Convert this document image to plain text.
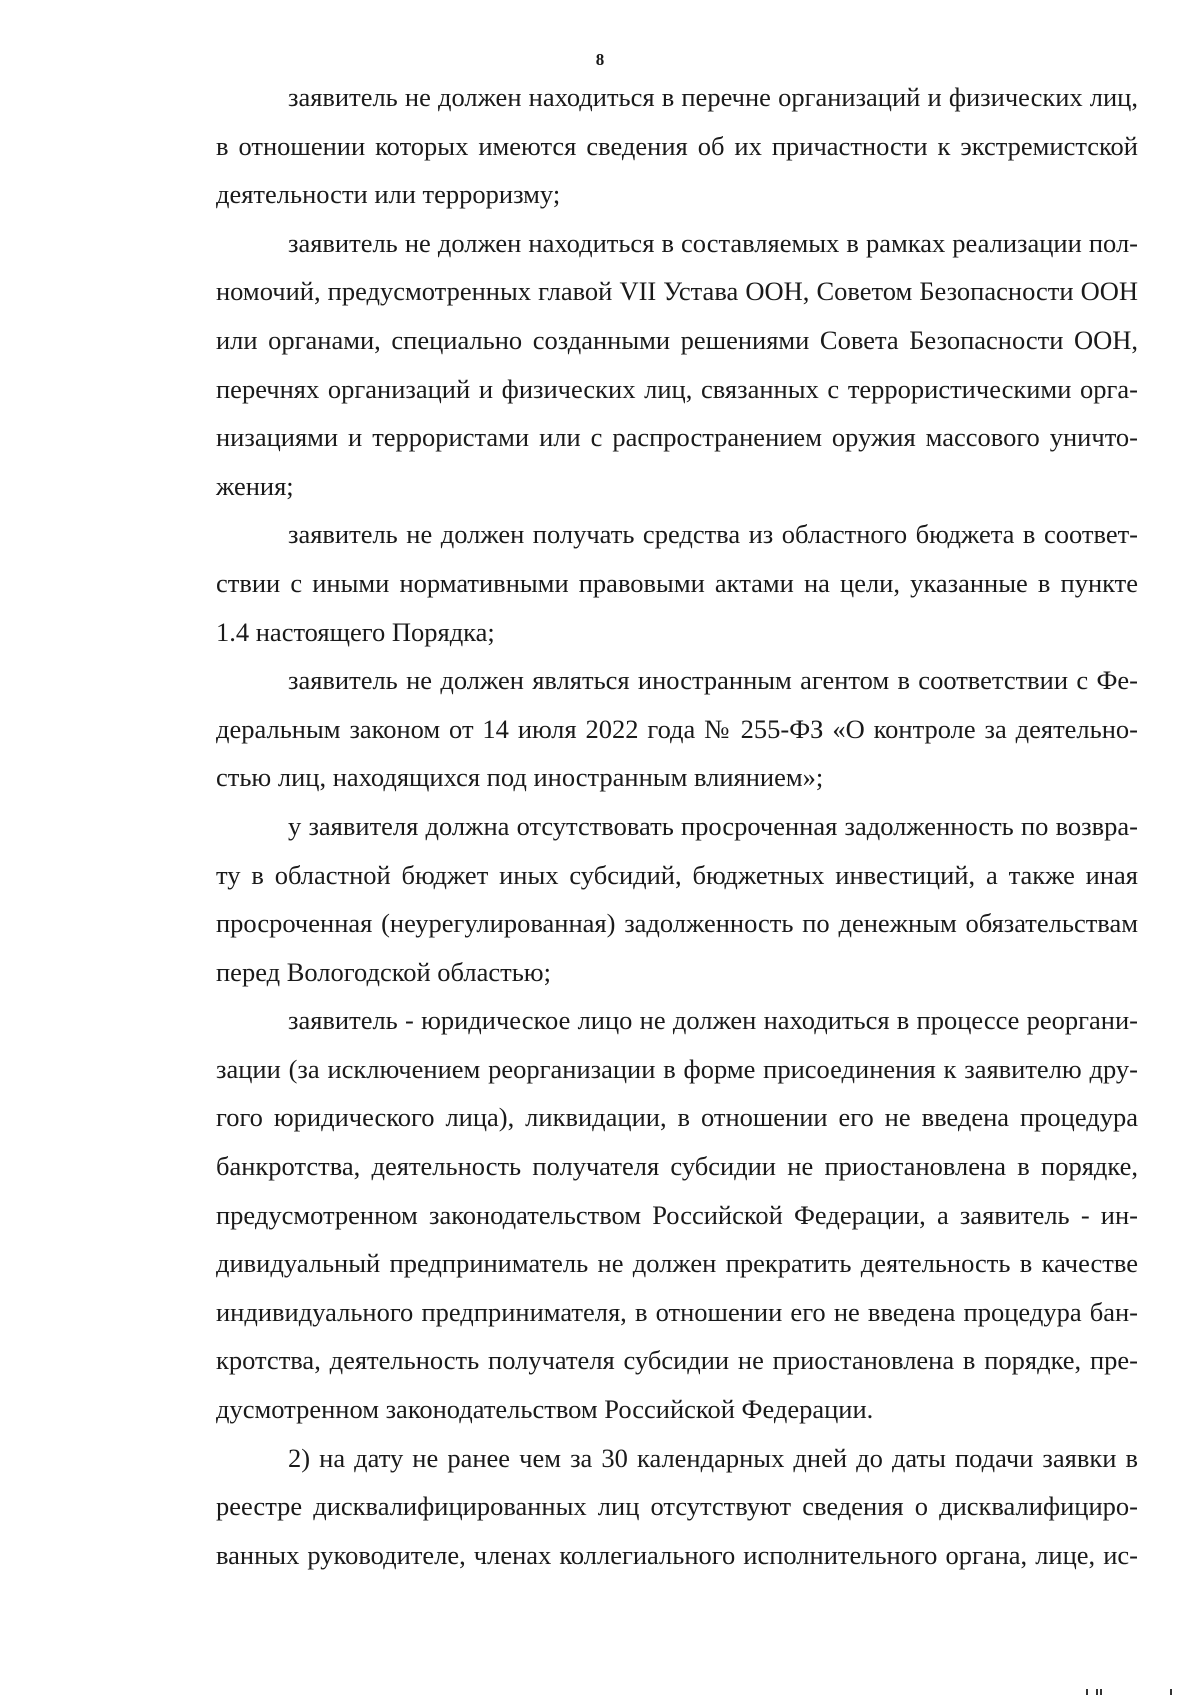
8
заявитель не должен находиться в перечне организаций и физических лиц,
в отношении которых имеются сведения об их причастности к экстремистской
деятельности или терроризму;
заявитель не должен находиться в составляемых в рамках реализации пол-
номочий, предусмотренных главой VII Устава ООН, Советом Безопасности ООН
или органами, специально созданными решениями Совета Безопасности ООН,
перечнях организаций и физических лиц, связанных с террористическими орга-
низациями и террористами или с распространением оружия массового уничто-
жения;
заявитель не должен получать средства из областного бюджета в соответ-
ствии с иными нормативными правовыми актами на цели, указанные в пункте
1.4 настоящего Порядка;
заявитель не должен являться иностранным агентом в соответствии с Фе-
деральным законом от 14 июля 2022 года № 255-ФЗ «О контроле за деятельно-
стью лиц, находящихся под иностранным влиянием»;
у заявителя должна отсутствовать просроченная задолженность по возвра-
ту в областной бюджет иных субсидий, бюджетных инвестиций, а также иная
просроченная (неурегулированная) задолженность по денежным обязательствам
перед Вологодской областью;
заявитель - юридическое лицо не должен находиться в процессе реоргани-
зации (за исключением реорганизации в форме присоединения к заявителю дру-
гого юридического лица), ликвидации, в отношении его не введена процедура
банкротства, деятельность получателя субсидии не приостановлена в порядке,
предусмотренном законодательством Российской Федерации, а заявитель - ин-
дивидуальный предприниматель не должен прекратить деятельность в качестве
индивидуального предпринимателя, в отношении его не введена процедура бан-
кротства, деятельность получателя субсидии не приостановлена в порядке, пре-
дусмотренном законодательством Российской Федерации.
2) на дату не ранее чем за 30 календарных дней до даты подачи заявки в
реестре дисквалифицированных лиц отсутствуют сведения о дисквалифициро-
ванных руководителе, членах коллегиального исполнительного органа, лице, ис-
